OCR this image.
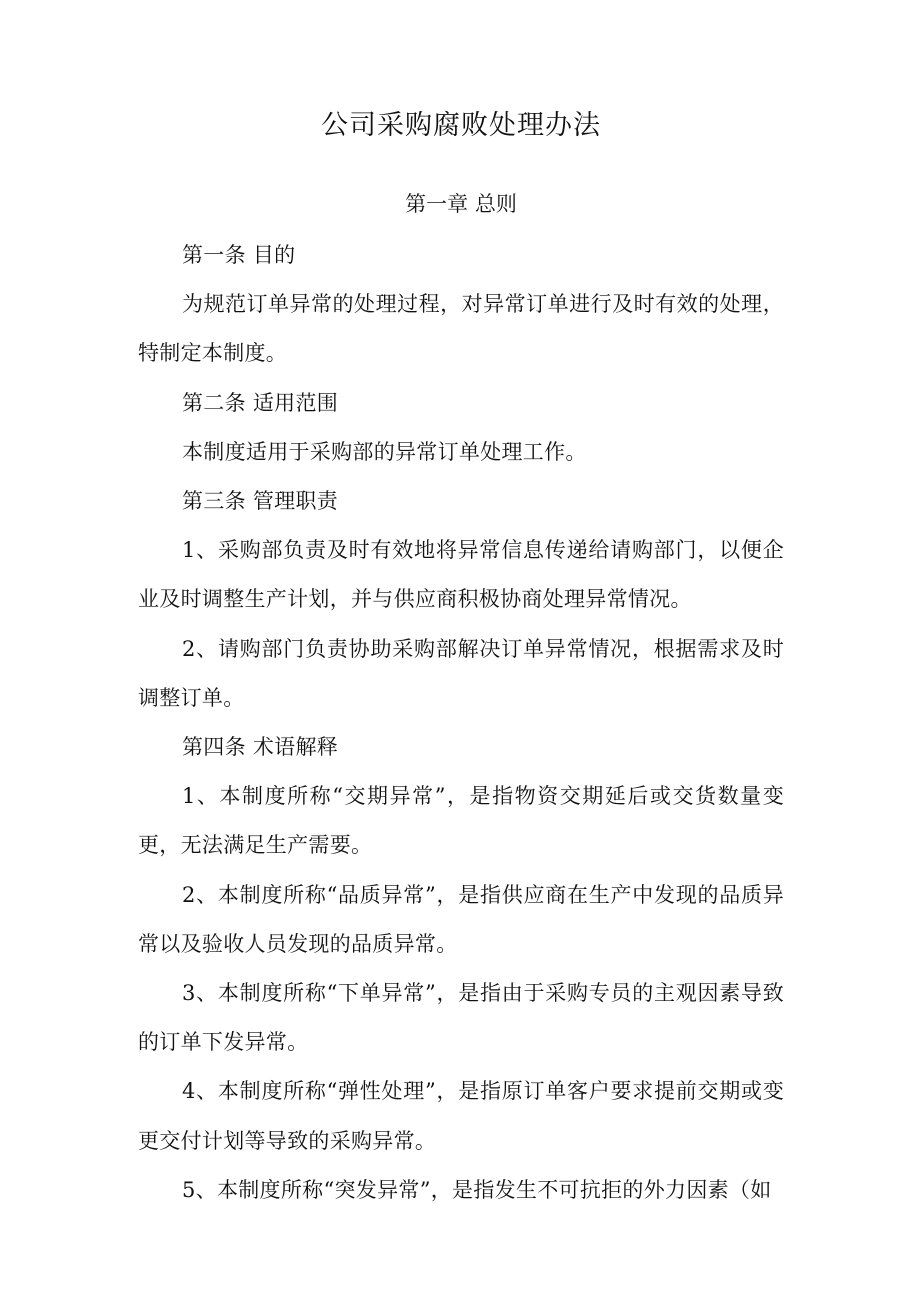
公司采购腐败处理办法
第一章 总则

第一条 目的

为规范订单异常的处理过程，对异常订单进行及时有效的处理，特制定本制度。

第二条 适用范围

本制度适用于采购部的异常订单处理工作。

第三条 管理职责

1、采购部负责及时有效地将异常信息传递给请购部门，以便企业及时调整生产计划，并与供应商积极协商处理异常情况。

2、请购部门负责协助采购部解决订单异常情况，根据需求及时调整订单。

第四条 术语解释

1、本制度所称“交期异常”，是指物资交期延后或交货数量变更，无法满足生产需要。

2、本制度所称“品质异常”，是指供应商在生产中发现的品质异常以及验收人员发现的品质异常。

3、本制度所称“下单异常”，是指由于采购专员的主观因素导致的订单下发异常。

4、本制度所称“弹性处理”，是指原订单客户要求提前交期或变更交付计划等导致的采购异常。

5、本制度所称“突发异常”，是指发生不可抗拒的外力因素（如
